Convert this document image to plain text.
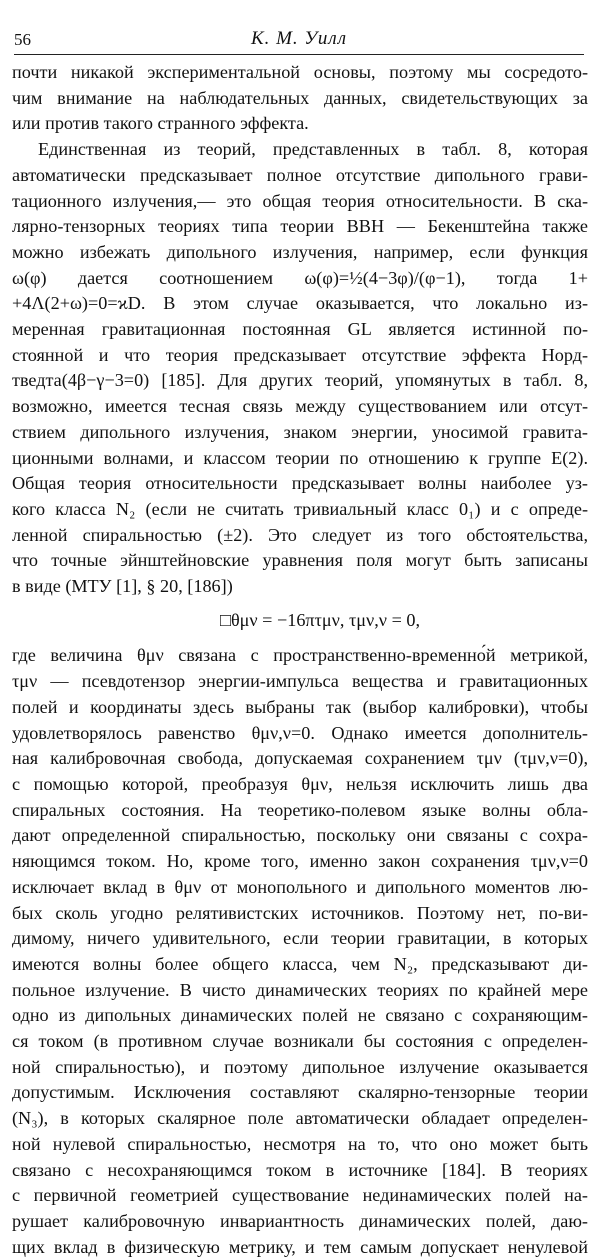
56	К. М. Уилл
почти никакой экспериментальной основы, поэтому мы сосредото-
чим внимание на наблюдательных данных, свидетельствующих за
или против такого странного эффекта.
Единственная из теорий, представленных в табл. 8, которая
автоматически предсказывает полное отсутствие дипольного грави-
тационного излучения,— это общая теория относительности. В ска-
лярно-тензорных теориях типа теории ВВН — Бекенштейна также
можно избежать дипольного излучения, например, если функция
ω(φ) дается соотношением ω(φ)=½(4−3φ)/(φ−1), тогда 1+
+4Λ(2+ω)=0=ϰD. В этом случае оказывается, что локально из-
меренная гравитационная постоянная GL является истинной по-
стоянной и что теория предсказывает отсутствие эффекта Норд-
тведта(4β−γ−3=0) [185]. Для других теорий, упомянутых в табл. 8,
возможно, имеется тесная связь между существованием или отсут-
ствием дипольного излучения, знаком энергии, уносимой гравита-
ционными волнами, и классом теории по отношению к группе E(2).
Общая теория относительности предсказывает волны наиболее уз-
кого класса N₂ (если не считать тривиальный класс 0₁) и с опреде-
ленной спиральностью (±2). Это следует из того обстоятельства,
что точные эйнштейновские уравнения поля могут быть записаны
в виде (МТУ [1], § 20, [186])
□θμν = −16πτμν, τμν,ν = 0,
где величина θμν связана с пространственно-временно́й метрикой,
τμν — псевдотензор энергии-импульса вещества и гравитационных
полей и координаты здесь выбраны так (выбор калибровки), чтобы
удовлетворялось равенство θμν,ν=0. Однако имеется дополнитель-
ная калибровочная свобода, допускаемая сохранением τμν (τμν,ν=0),
с помощью которой, преобразуя θμν, нельзя исключить лишь два
спиральных состояния. На теоретико-полевом языке волны обла-
дают определенной спиральностью, поскольку они связаны с сохра-
няющимся током. Но, кроме того, именно закон сохранения τμν,ν=0
исключает вклад в θμν от монопольного и дипольного моментов лю-
бых сколь угодно релятивистских источников. Поэтому нет, по-ви-
димому, ничего удивительного, если теории гравитации, в которых
имеются волны более общего класса, чем N₂, предсказывают ди-
польное излучение. В чисто динамических теориях по крайней мере
одно из дипольных динамических полей не связано с сохраняющим-
ся током (в противном случае возникали бы состояния с определен-
ной спиральностью), и поэтому дипольное излучение оказывается
допустимым. Исключения составляют скалярно-тензорные теории
(N₃), в которых скалярное поле автоматически обладает определен-
ной нулевой спиральностью, несмотря на то, что оно может быть
связано с несохраняющимся током в источнике [184]. В теориях
с первичной геометрией существование нединамических полей на-
рушает калибровочную инвариантность динамических полей, даю-
щих вклад в физическую метрику, и тем самым допускает ненулевой
